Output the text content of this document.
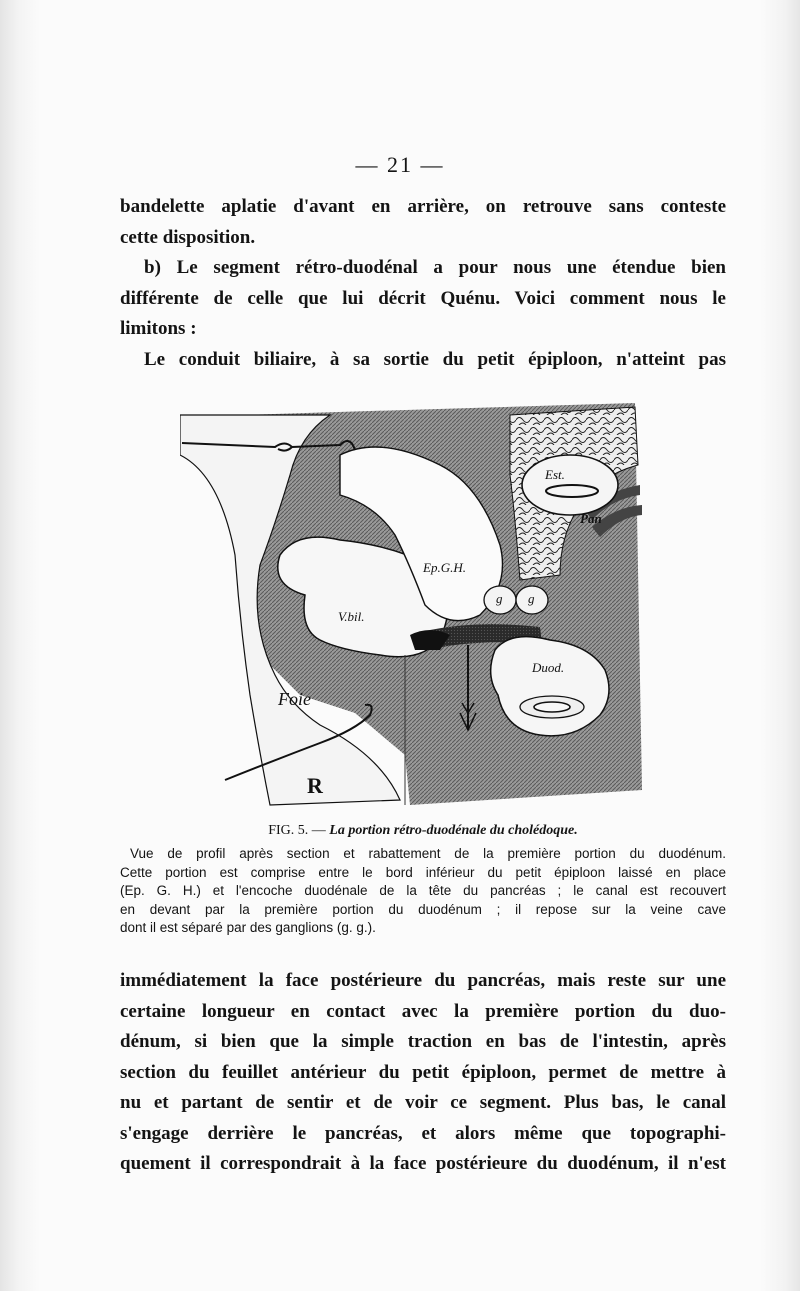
— 21 —
bandelette aplatie d'avant en arrière, on retrouve sans conteste
cette disposition.
b) Le segment rétro-duodénal a pour nous une étendue bien
différente de celle que lui décrit Quénu. Voici comment nous le
limitons :
Le conduit biliaire, à sa sortie du petit épiploon, n'atteint pas
Est.
Pan
Ep.G.H.
g g
V.bil.
Duod.
Foie
R
FIG. 5. — La portion rétro-duodénale du cholédoque.
Vue de profil après section et rabattement de la première portion du duodénum.
Cette portion est comprise entre le bord inférieur du petit épiploon laissé en place
(Ep. G. H.) et l'encoche duodénale de la tête du pancréas ; le canal est recouvert
en devant par la première portion du duodénum ; il repose sur la veine cave
dont il est séparé par des ganglions (g. g.).
immédiatement la face postérieure du pancréas, mais reste sur une
certaine longueur en contact avec la première portion du duo-
dénum, si bien que la simple traction en bas de l'intestin, après
section du feuillet antérieur du petit épiploon, permet de mettre à
nu et partant de sentir et de voir ce segment. Plus bas, le canal
s'engage derrière le pancréas, et alors même que topographi-
quement il correspondrait à la face postérieure du duodénum, il n'est
